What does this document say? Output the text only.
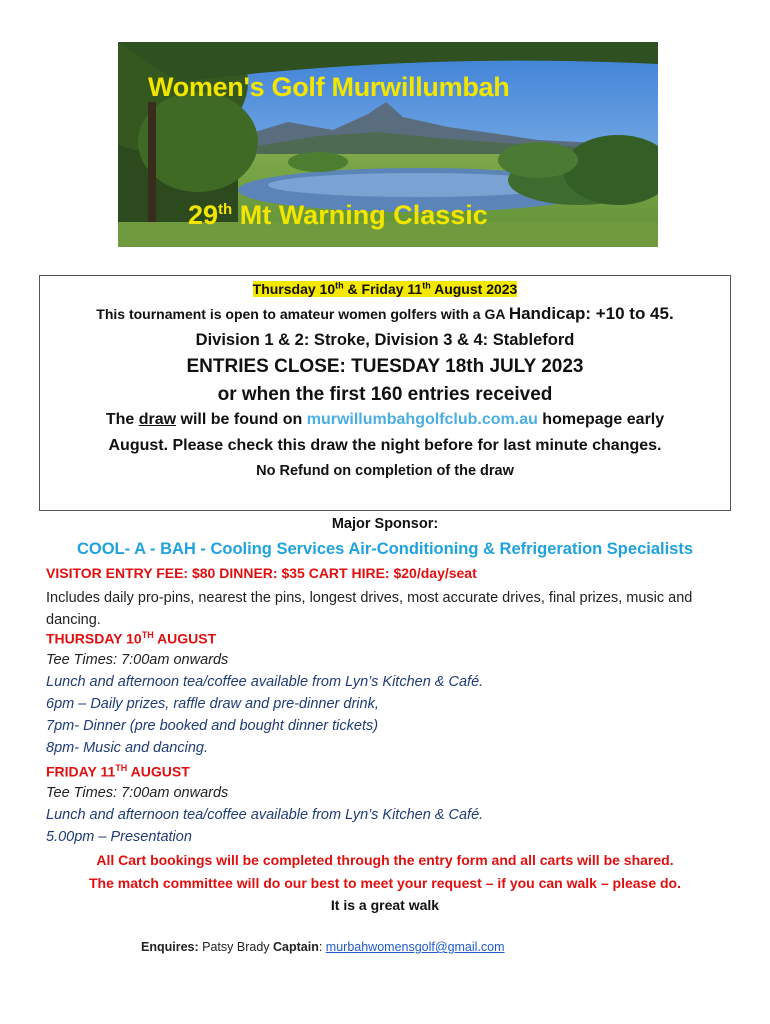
Women's Golf Murwillumbah
29th Mt Warning Classic
Thursday 10th & Friday 11th August 2023
This tournament is open to amateur women golfers with a GA Handicap: +10 to 45.
Division 1 & 2: Stroke, Division 3 & 4: Stableford
ENTRIES CLOSE: TUESDAY 18th JULY 2023
or when the first 160 entries received
The draw will be found on murwillumbahgolfclub.com.au homepage early
August. Please check this draw the night before for last minute changes.
No Refund on completion of the draw
Major Sponsor:
COOL- A - BAH - Cooling Services Air-Conditioning & Refrigeration Specialists
VISITOR ENTRY FEE: $80 DINNER: $35 CART HIRE: $20/day/seat
Includes daily pro-pins, nearest the pins, longest drives, most accurate drives, final prizes, music and dancing.
THURSDAY 10TH AUGUST
Tee Times: 7:00am onwards
Lunch and afternoon tea/coffee available from Lyn’s Kitchen & Café.
6pm – Daily prizes, raffle draw and pre-dinner drink,
7pm- Dinner (pre booked and bought dinner tickets)
8pm- Music and dancing.
FRIDAY 11TH AUGUST
Tee Times: 7:00am onwards
Lunch and afternoon tea/coffee available from Lyn’s Kitchen & Café.
5.00pm – Presentation
All Cart bookings will be completed through the entry form and all carts will be shared.
The match committee will do our best to meet your request – if you can walk – please do.
It is a great walk
Enquires: Patsy Brady Captain: murbahwomensgolf@gmail.com
